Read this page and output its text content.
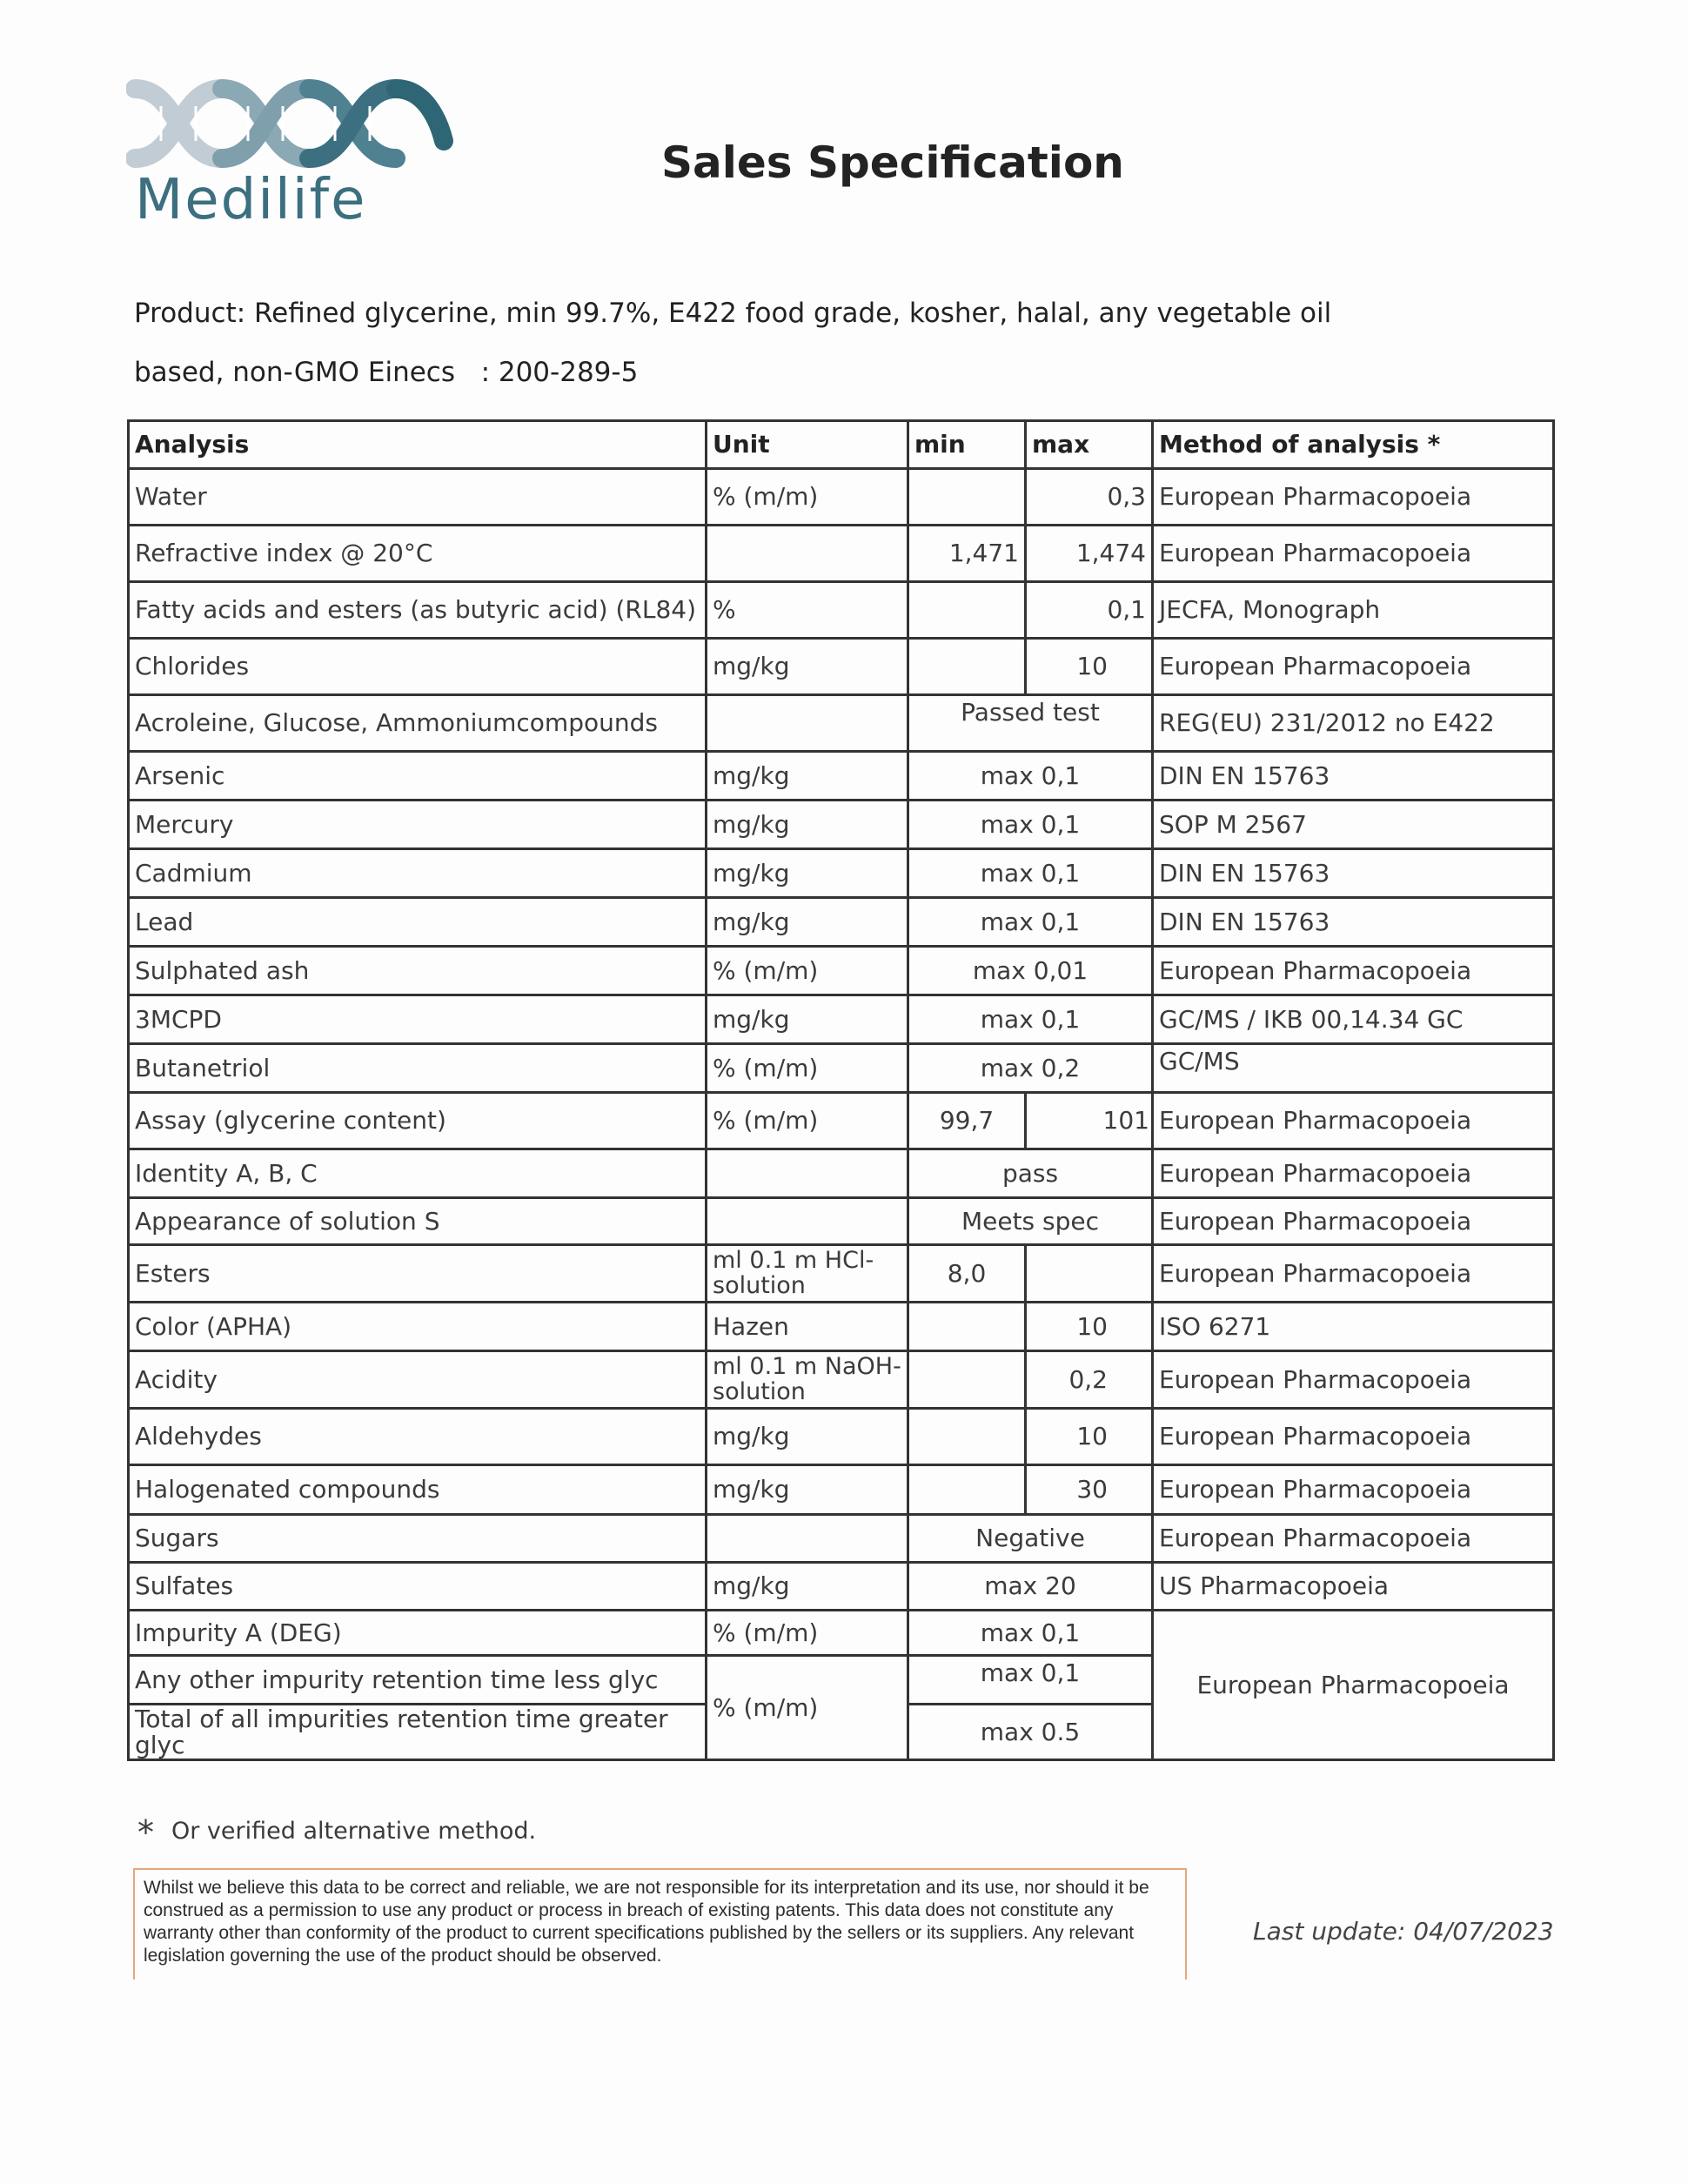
Medilife
Sales Specification
Product: Refined glycerine, min 99.7%, E422 food grade, kosher, halal, any vegetable oil
based, non-GMO Einecs   : 200-289-5
Analysis	Unit	min	max	Method of analysis *
Water	% (m/m)		0,3	European Pharmacopoeia
Refractive index @ 20°C		1,471	1,474	European Pharmacopoeia
Fatty acids and esters (as butyric acid) (RL84)	%		0,1	JECFA, Monograph
Chlorides	mg/kg		10	European Pharmacopoeia
Acroleine, Glucose, Ammoniumcompounds		Passed test		REG(EU) 231/2012 no E422
Arsenic	mg/kg	max 0,1		DIN EN 15763
Mercury	mg/kg	max 0,1		SOP M 2567
Cadmium	mg/kg	max 0,1		DIN EN 15763
Lead	mg/kg	max 0,1		DIN EN 15763
Sulphated ash	% (m/m)	max 0,01		European Pharmacopoeia
3MCPD	mg/kg	max 0,1		GC/MS / IKB 00,14.34 GC
Butanetriol	% (m/m)	max 0,2		GC/MS
Assay (glycerine content)	% (m/m)	99,7	101	European Pharmacopoeia
Identity A, B, C		pass		European Pharmacopoeia
Appearance of solution S		Meets spec		European Pharmacopoeia
Esters	ml 0.1 m HCl-solution	8,0		European Pharmacopoeia
Color (APHA)	Hazen		10	ISO 6271
Acidity	ml 0.1 m NaOH-solution		0,2	European Pharmacopoeia
Aldehydes	mg/kg		10	European Pharmacopoeia
Halogenated compounds	mg/kg		30	European Pharmacopoeia
Sugars		Negative		European Pharmacopoeia
Sulfates	mg/kg	max 20		US Pharmacopoeia
Impurity A (DEG)	% (m/m)	max 0,1		European Pharmacopoeia
Any other impurity retention time less glyc	% (m/m)	max 0,1		
Total of all impurities retention time greater glyc		max 0.5		
* Or verified alternative method.
Whilst we believe this data to be correct and reliable, we are not responsible for its interpretation and its use, nor should it be construed as a permission to use any product or process in breach of existing patents. This data does not constitute any warranty other than conformity of the product to current specifications published by the sellers or its suppliers. Any relevant legislation governing the use of the product should be observed.
Last update: 04/07/2023
